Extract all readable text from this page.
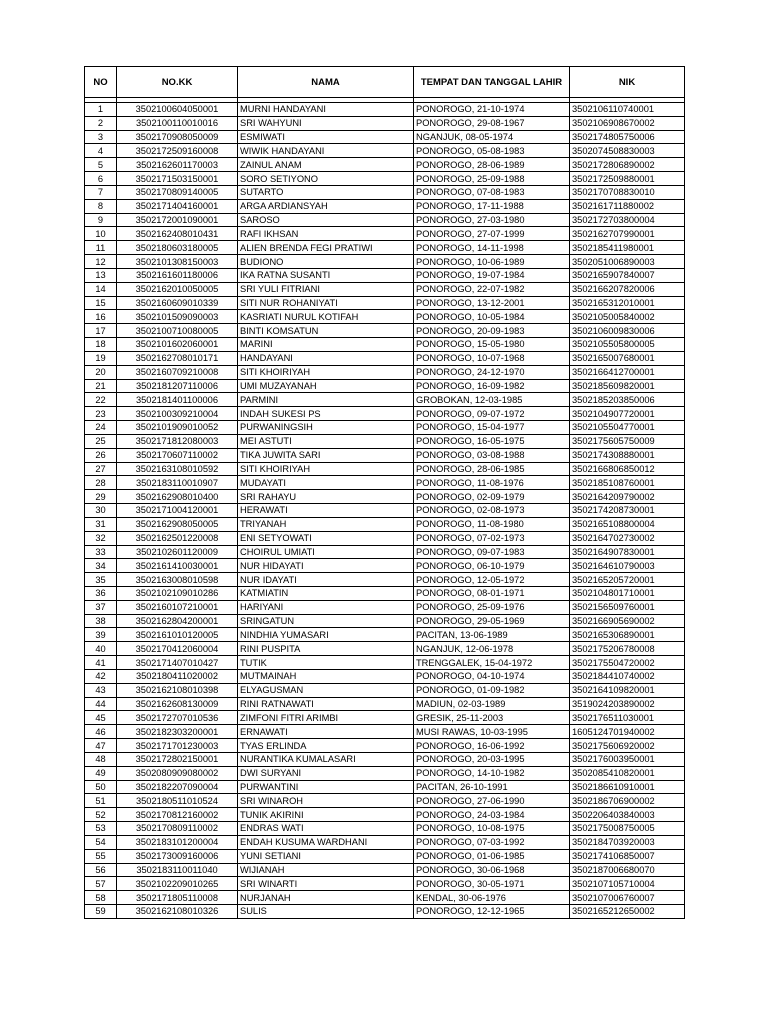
NO	NO.KK	NAMA	TEMPAT DAN TANGGAL LAHIR	NIK

1	3502100604050001	MURNI HANDAYANI	PONOROGO, 21-10-1974	3502106110740001
2	3502100110010016	SRI WAHYUNI	PONOROGO, 29-08-1967	3502106908670002
3	3502170908050009	ESMIWATI	NGANJUK, 08-05-1974	3502174805750006
4	3502172509160008	WIWIK HANDAYANI	PONOROGO, 05-08-1983	3502074508830003
5	3502162601170003	ZAINUL ANAM	PONOROGO, 28-06-1989	3502172806890002
6	3502171503150001	SORO SETIYONO	PONOROGO, 25-09-1988	3502172509880001
7	3502170809140005	SUTARTO	PONOROGO, 07-08-1983	3502170708830010
8	3502171404160001	ARGA ARDIANSYAH	PONOROGO, 17-11-1988	3502161711880002
9	3502172001090001	SAROSO	PONOROGO, 27-03-1980	3502172703800004
10	3502162408010431	RAFI IKHSAN	PONOROGO, 27-07-1999	3502162707990001
11	3502180603180005	ALIEN BRENDA FEGI PRATIWI	PONOROGO, 14-11-1998	3502185411980001
12	3502101308150003	BUDIONO	PONOROGO, 10-06-1989	3502051006890003
13	3502161601180006	IKA RATNA SUSANTI	PONOROGO, 19-07-1984	3502165907840007
14	3502162010050005	SRI YULI FITRIANI	PONOROGO, 22-07-1982	3502166207820006
15	3502160609010339	SITI NUR ROHANIYATI	PONOROGO, 13-12-2001	3502165312010001
16	3502101509090003	KASRIATI NURUL KOTIFAH	PONOROGO, 10-05-1984	3502105005840002
17	3502100710080005	BINTI KOMSATUN	PONOROGO, 20-09-1983	3502106009830006
18	3502101602060001	MARINI	PONOROGO, 15-05-1980	3502105505800005
19	3502162708010171	HANDAYANI	PONOROGO, 10-07-1968	3502165007680001
20	3502160709210008	SITI KHOIRIYAH	PONOROGO, 24-12-1970	3502166412700001
21	3502181207110006	UMI MUZAYANAH	PONOROGO, 16-09-1982	3502185609820001
22	3502181401100006	PARMINI	GROBOKAN, 12-03-1985	3502185203850006
23	3502100309210004	INDAH SUKESI PS	PONOROGO, 09-07-1972	3502104907720001
24	3502101909010052	PURWANINGSIH	PONOROGO, 15-04-1977	3502105504770001
25	3502171812080003	MEI ASTUTI	PONOROGO, 16-05-1975	3502175605750009
26	3502170607110002	TIKA JUWITA SARI	PONOROGO, 03-08-1988	3502174308880001
27	3502163108010592	SITI KHOIRIYAH	PONOROGO, 28-06-1985	3502166806850012
28	3502183110010907	MUDAYATI	PONOROGO, 11-08-1976	3502185108760001
29	3502162908010400	SRI RAHAYU	PONOROGO, 02-09-1979	3502164209790002
30	3502171004120001	HERAWATI	PONOROGO, 02-08-1973	3502174208730001
31	3502162908050005	TRIYANAH	PONOROGO, 11-08-1980	3502165108800004
32	3502162501220008	ENI SETYOWATI	PONOROGO, 07-02-1973	3502164702730002
33	3502102601120009	CHOIRUL UMIATI	PONOROGO, 09-07-1983	3502164907830001
34	3502161410030001	NUR HIDAYATI	PONOROGO, 06-10-1979	3502164610790003
35	3502163008010598	NUR IDAYATI	PONOROGO, 12-05-1972	3502165205720001
36	3502102109010286	KATMIATIN	PONOROGO, 08-01-1971	3502104801710001
37	3502160107210001	HARIYANI	PONOROGO, 25-09-1976	3502156509760001
38	3502162804200001	SRINGATUN	PONOROGO, 29-05-1969	3502166905690002
39	3502161010120005	NINDHIA YUMASARI	PACITAN, 13-06-1989	3502165306890001
40	3502170412060004	RINI PUSPITA	NGANJUK, 12-06-1978	3502175206780008
41	3502171407010427	TUTIK	TRENGGALEK, 15-04-1972	3502175504720002
42	3502180411020002	MUTMAINAH	PONOROGO, 04-10-1974	3502184410740002
43	3502162108010398	ELYAGUSMAN	PONOROGO, 01-09-1982	3502164109820001
44	3502162608130009	RINI RATNAWATI	MADIUN, 02-03-1989	3519024203890002
45	3502172707010536	ZIMFONI FITRI ARIMBI	GRESIK, 25-11-2003	3502176511030001
46	3502182303200001	ERNAWATI	MUSI RAWAS, 10-03-1995	1605124701940002
47	3502171701230003	TYAS ERLINDA	PONOROGO, 16-06-1992	3502175606920002
48	3502172802150001	NURANTIKA KUMALASARI	PONOROGO, 20-03-1995	3502176003950001
49	3502080909080002	DWI SURYANI	PONOROGO, 14-10-1982	3502085410820001
50	3502182207090004	PURWANTINI	PACITAN, 26-10-1991	3502186610910001
51	3502180511010524	SRI WINAROH	PONOROGO, 27-06-1990	3502186706900002
52	3502170812160002	TUNIK AKIRINI	PONOROGO, 24-03-1984	3502206403840003
53	3502170809110002	ENDRAS WATI	PONOROGO, 10-08-1975	3502175008750005
54	3502183101200004	ENDAH KUSUMA WARDHANI	PONOROGO, 07-03-1992	3502184703920003
55	3502173009160006	YUNI SETIANI	PONOROGO, 01-06-1985	3502174106850007
56	3502183110011040	WIJIANAH	PONOROGO, 30-06-1968	3502187006680070
57	3502102209010265	SRI WINARTI	PONOROGO, 30-05-1971	3502107105710004
58	3502171805110008	NURJANAH	KENDAL, 30-06-1976	3502107006760007
59	3502162108010326	SULIS	PONOROGO, 12-12-1965	3502165212650002
